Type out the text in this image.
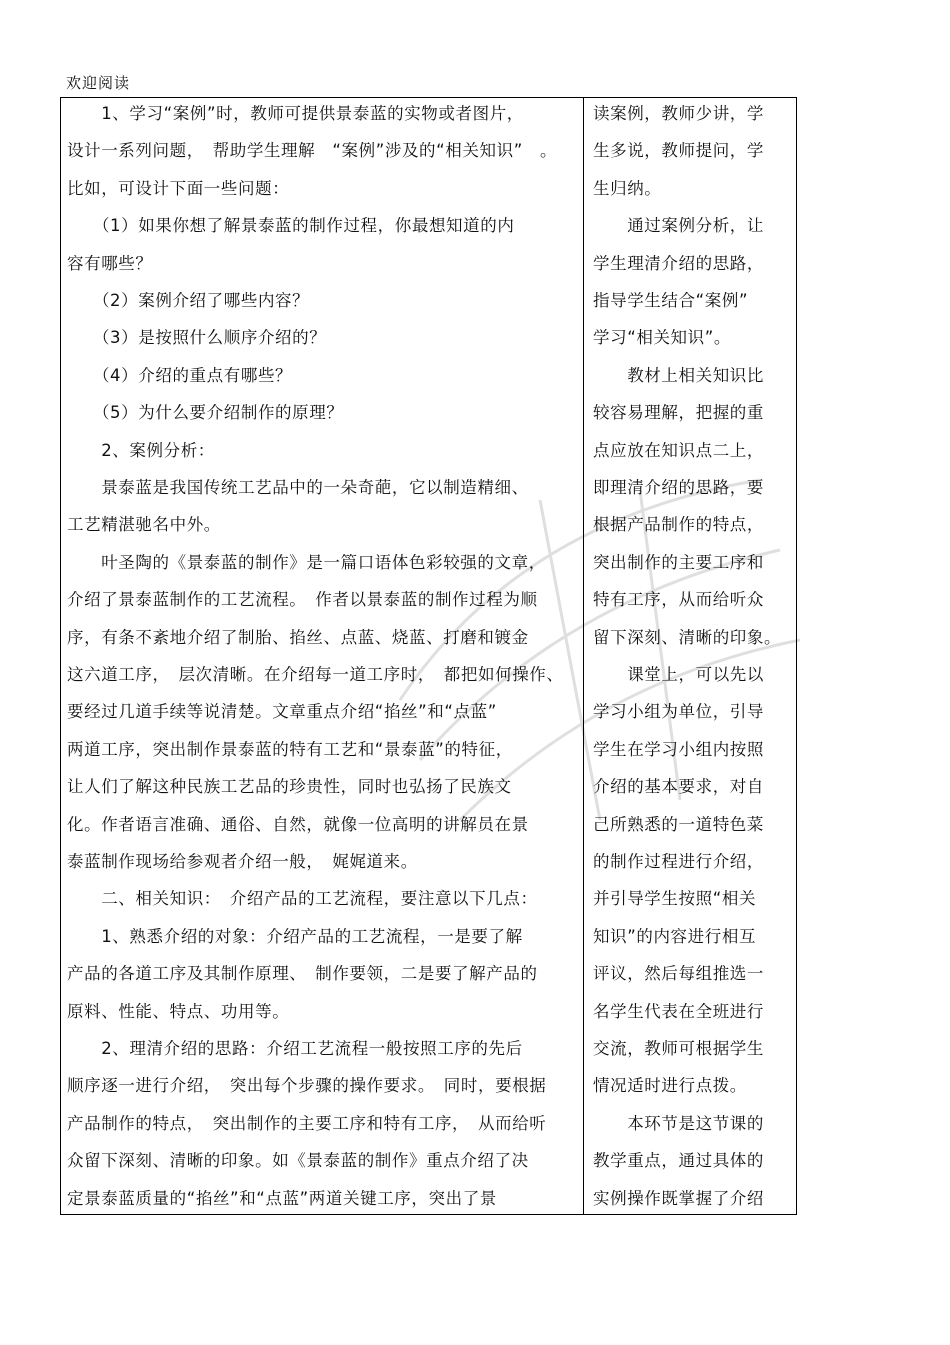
欢迎阅读
　　1、学习“案例”时，教师可提供景泰蓝的实物或者图片，
设计一系列问题，　帮助学生理解　“案例”涉及的“相关知识”　。
比如，可设计下面一些问题：
　　（1）如果你想了解景泰蓝的制作过程，你最想知道的内
容有哪些？
　　（2）案例介绍了哪些内容？
　　（3）是按照什么顺序介绍的？
　　（4）介绍的重点有哪些？
　　（5）为什么要介绍制作的原理？
　　2、案例分析：
　　景泰蓝是我国传统工艺品中的一朵奇葩，它以制造精细、
工艺精湛驰名中外。
　　叶圣陶的《景泰蓝的制作》是一篇口语体色彩较强的文章，
介绍了景泰蓝制作的工艺流程。　作者以景泰蓝的制作过程为顺
序，有条不紊地介绍了制胎、掐丝、点蓝、烧蓝、打磨和镀金
这六道工序，　层次清晰。在介绍每一道工序时，　都把如何操作、
要经过几道手续等说清楚。文章重点介绍“掐丝”和“点蓝”
两道工序，突出制作景泰蓝的特有工艺和“景泰蓝”的特征，
让人们了解这种民族工艺品的珍贵性，同时也弘扬了民族文
化。作者语言准确、通俗、自然，就像一位高明的讲解员在景
泰蓝制作现场给参观者介绍一般，　娓娓道来。
　　二、相关知识：　介绍产品的工艺流程，要注意以下几点：
　　1、熟悉介绍的对象：介绍产品的工艺流程，一是要了解
产品的各道工序及其制作原理、　制作要领，二是要了解产品的
原料、性能、特点、功用等。
　　2、理清介绍的思路：介绍工艺流程一般按照工序的先后
顺序逐一进行介绍，　突出每个步骤的操作要求。　同时，要根据
产品制作的特点，　突出制作的主要工序和特有工序，　从而给听
众留下深刻、清晰的印象。如《景泰蓝的制作》重点介绍了决
定景泰蓝质量的“掐丝”和“点蓝”两道关键工序，突出了景
读案例，教师少讲，学
生多说，教师提问，学
生归纳。
　　通过案例分析，让
学生理清介绍的思路，
指导学生结合“案例”
学习“相关知识”。
　　教材上相关知识比
较容易理解，把握的重
点应放在知识点二上，
即理清介绍的思路，要
根据产品制作的特点，
突出制作的主要工序和
特有工序，从而给听众
留下深刻、清晰的印象。
　　课堂上，可以先以
学习小组为单位，引导
学生在学习小组内按照
介绍的基本要求，对自
己所熟悉的一道特色菜
的制作过程进行介绍，
并引导学生按照“相关
知识”的内容进行相互
评议，然后每组推选一
名学生代表在全班进行
交流，教师可根据学生
情况适时进行点拨。
　　本环节是这节课的
教学重点，通过具体的
实例操作既掌握了介绍
